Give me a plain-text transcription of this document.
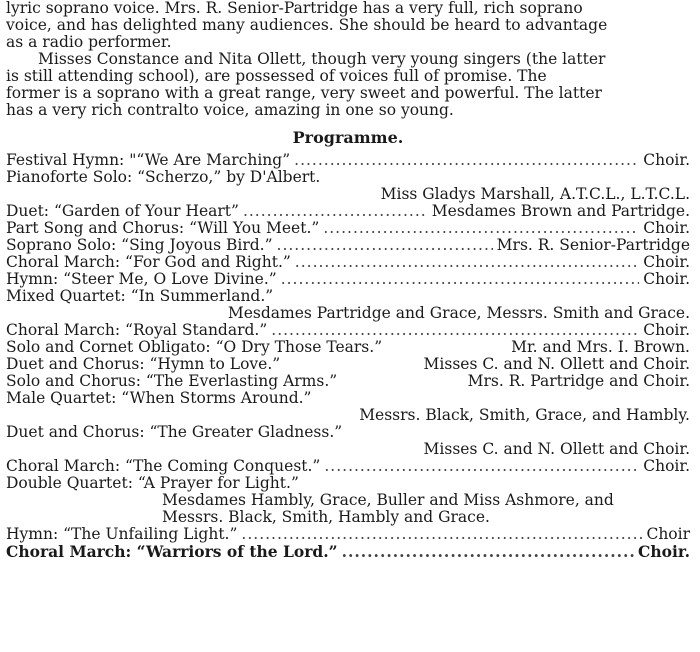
lyric soprano voice. Mrs. R. Senior-Partridge has a very full, rich soprano
voice, and has delighted many audiences. She should be heard to advantage
as a radio performer.
Misses Constance and Nita Ollett, though very young singers (the latter
is still attending school), are possessed of voices full of promise. The
former is a soprano with a great range, very sweet and powerful. The latter
has a very rich contralto voice, amazing in one so young.
Programme.
Festival Hymn: "“We Are Marching” .....	Choir.
Pianoforte Solo: “Scherzo,” by D'Albert.
Miss Gladys Marshall, A.T.C.L., L.T.C.L.
Duet: “Garden of Your Heart” .....	Mesdames Brown and Partridge.
Part Song and Chorus: “Will You Meet.” .....	Choir.
Soprano Solo: “Sing Joyous Bird.” .....	Mrs. R. Senior-Partridge
Choral March: “For God and Right.” .....	Choir.
Hymn: “Steer Me, O Love Divine.” .....	Choir.
Mixed Quartet: “In Summerland.”
Mesdames Partridge and Grace, Messrs. Smith and Grace.
Choral March: “Royal Standard.” .....	Choir.
Solo and Cornet Obligato: “O Dry Those Tears.”	Mr. and Mrs. I. Brown.
Duet and Chorus: “Hymn to Love.”	Misses C. and N. Ollett and Choir.
Solo and Chorus: “The Everlasting Arms.”	Mrs. R. Partridge and Choir.
Male Quartet: “When Storms Around.”
Messrs. Black, Smith, Grace, and Hambly.
Duet and Chorus: “The Greater Gladness.”
Misses C. and N. Ollett and Choir.
Choral March: “The Coming Conquest.” .....	Choir.
Double Quartet: “A Prayer for Light.”
Mesdames Hambly, Grace, Buller and Miss Ashmore, and
Messrs. Black, Smith, Hambly and Grace.
Hymn: “The Unfailing Light.” .....	Choir
Choral March: “Warriors of the Lord.” .....	Choir.
